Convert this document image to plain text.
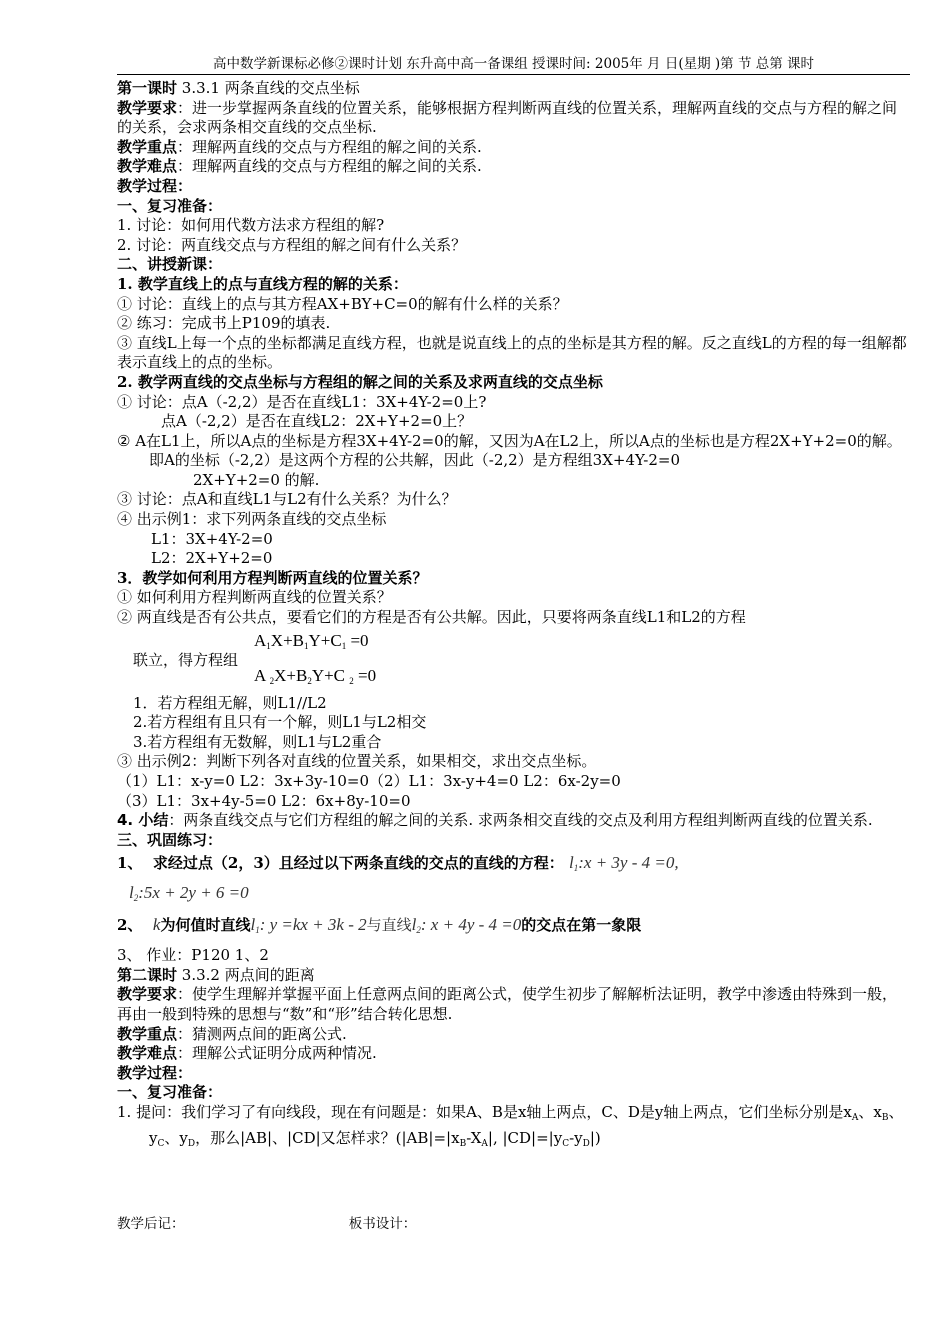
高中数学新课标必修②课时计划 东升高中高一备课组 授课时间: 2005年 月 日(星期 )第 节 总第 课时
第一课时 3.3.1 两条直线的交点坐标
教学要求：进一步掌握两条直线的位置关系，能够根据方程判断两直线的位置关系，理解两直线的交点与方程的解之间的关系，会求两条相交直线的交点坐标.
教学重点：理解两直线的交点与方程组的解之间的关系.
教学难点：理解两直线的交点与方程组的解之间的关系.
教学过程：
一、复习准备：
1. 讨论：如何用代数方法求方程组的解?
2. 讨论：两直线交点与方程组的解之间有什么关系？
二、讲授新课：
1. 教学直线上的点与直线方程的解的关系：
① 讨论：直线上的点与其方程AX+BY+C=0的解有什么样的关系？
② 练习：完成书上P109的填表.
③ 直线L上每一个点的坐标都满足直线方程，也就是说直线上的点的坐标是其方程的解。反之直线L的方程的每一组解都表示直线上的点的坐标。
2. 教学两直线的交点坐标与方程组的解之间的关系及求两直线的交点坐标
① 讨论：点A（-2,2）是否在直线L1：3X+4Y-2=0上?
点A（-2,2）是否在直线L2：2X+Y+2=0上？
② A在L1上，所以A点的坐标是方程3X+4Y-2=0的解，又因为A在L2上，所以A点的坐标也是方程2X+Y+2=0的解。即A的坐标（-2,2）是这两个方程的公共解，因此（-2,2）是方程组3X+4Y-2=0
2X+Y+2=0 的解.
③ 讨论：点A和直线L1与L2有什么关系？为什么？
④ 出示例1：求下列两条直线的交点坐标
L1：3X+4Y-2=0
L2：2X+Y+2=0
3．教学如何利用方程判断两直线的位置关系？
① 如何利用方程判断两直线的位置关系？
② 两直线是否有公共点，要看它们的方程是否有公共解。因此，只要将两条直线L1和L2的方程
联立，得方程组
$A_1X+B_1Y+C_1 =0$
A $_2X+B_2Y+C$ $_2$ =0
1．若方程组无解，则L1//L2
2.若方程组有且只有一个解，则L1与L2相交
3.若方程组有无数解，则L1与L2重合
③ 出示例2：判断下列各对直线的位置关系，如果相交，求出交点坐标。
（1）L1：x-y=0 L2：3x+3y-10=0（2）L1：3x-y+4=0 L2：6x-2y=0
（3）L1：3x+4y-5=0 L2：6x+8y-10=0
4. 小结：两条直线交点与它们方程组的解之间的关系. 求两条相交直线的交点及利用方程组判断两直线的位置关系.
三、巩固练习：
1、 求经过点（2，3）且经过以下两条直线的交点的直线的方程： $l_1:x + 3y - 4 =0$,
$l_2:5x + 2y + 6 =0$
2、 k为何值时直线$l_1$: y =kx + 3k - 2与直线$l_2$: x + 4y - 4 =0的交点在第一象限
3、 作业：P120 1、2
第二课时 3.3.2 两点间的距离
教学要求：使学生理解并掌握平面上任意两点间的距离公式，使学生初步了解解析法证明，教学中渗透由特殊到一般，再由一般到特殊的思想与“数”和“形”结合转化思想.
教学重点：猜测两点间的距离公式.
教学难点：理解公式证明分成两种情况.
教学过程：
一、复习准备：
1. 提问：我们学习了有向线段，现在有问题是：如果A、B是x轴上两点，C、D是y轴上两点，它们坐标分别是$x_A$、$x_B$、$y_C$、$y_D$，那么|AB|、|CD|又怎样求？($|AB|=|x_B-X_A|$, $|CD|=|y_C-y_D|$)
教学后记：	板书设计：
